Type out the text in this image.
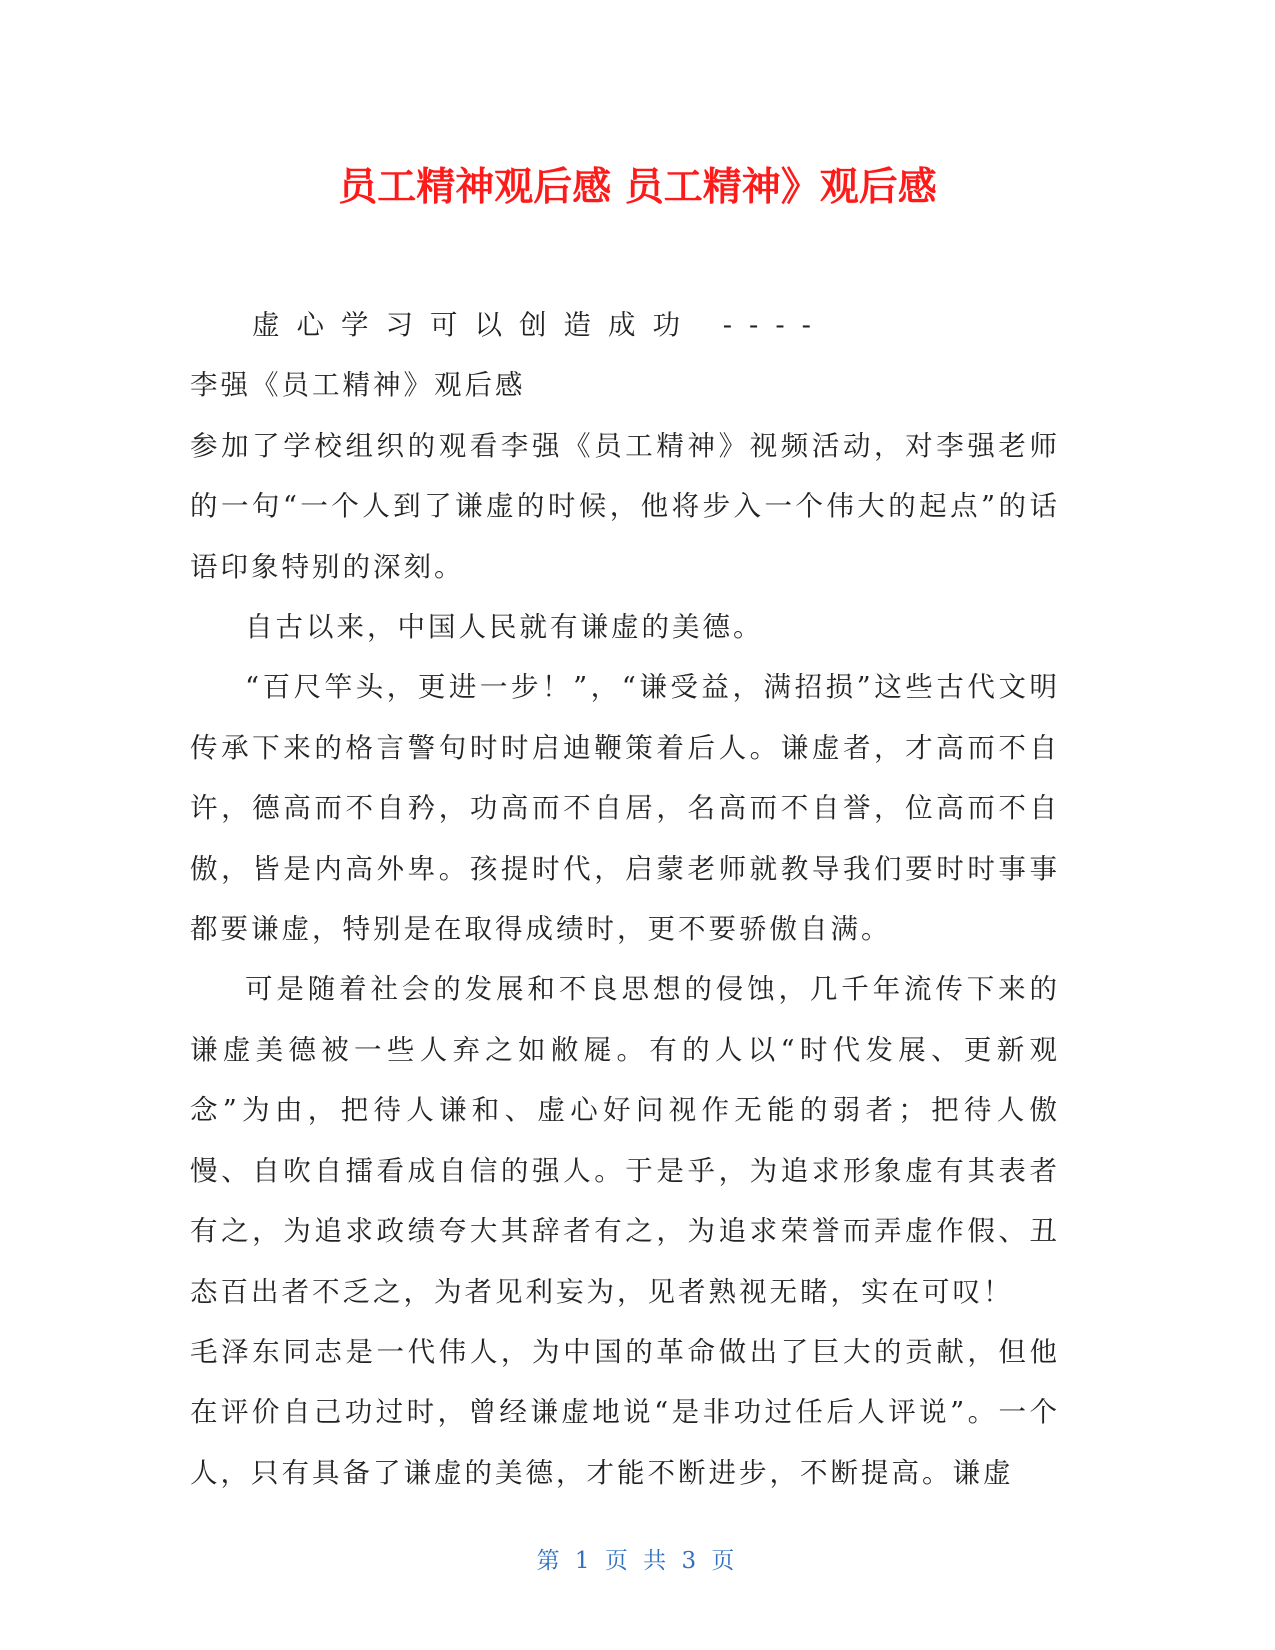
员工精神观后感 员工精神》观后感

虚心学习可以创造成功 ----

李强《员工精神》观后感

参加了学校组织的观看李强《员工精神》视频活动，对李强老师的一句“一个人到了谦虚的时候，他将步入一个伟大的起点”的话语印象特别的深刻。

自古以来，中国人民就有谦虚的美德。

“百尺竿头，更进一步！”，“谦受益，满招损”这些古代文明传承下来的格言警句时时启迪鞭策着后人。谦虚者，才高而不自许，德高而不自矜，功高而不自居，名高而不自誉，位高而不自傲，皆是内高外卑。孩提时代，启蒙老师就教导我们要时时事事都要谦虚，特别是在取得成绩时，更不要骄傲自满。

可是随着社会的发展和不良思想的侵蚀，几千年流传下来的谦虚美德被一些人弃之如敝屣。有的人以“时代发展、更新观念”为由，把待人谦和、虚心好问视作无能的弱者；把待人傲慢、自吹自擂看成自信的强人。于是乎，为追求形象虚有其表者有之，为追求政绩夸大其辞者有之，为追求荣誉而弄虚作假、丑态百出者不乏之，为者见利妄为，见者熟视无睹，实在可叹！

毛泽东同志是一代伟人，为中国的革命做出了巨大的贡献，但他在评价自己功过时，曾经谦虚地说“是非功过任后人评说”。一个人，只有具备了谦虚的美德，才能不断进步，不断提高。谦虚

第 1 页 共 3 页
